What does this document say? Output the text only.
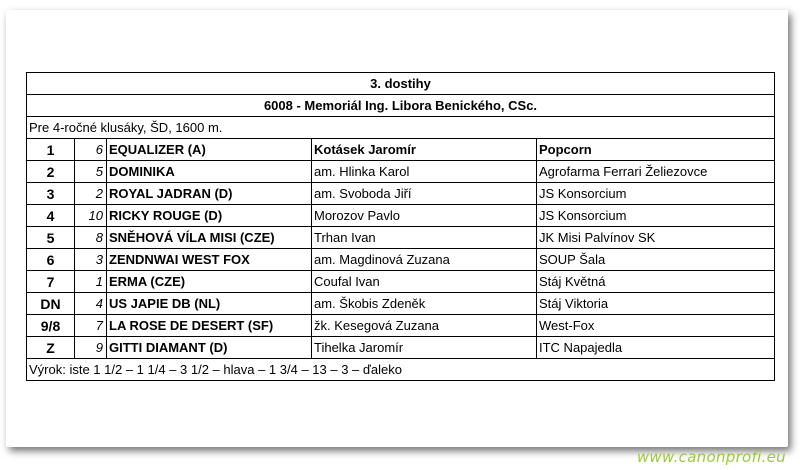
3. dostihy				
6008 - Memoriál Ing. Libora Benického, CSc.				
Pre 4-ročné klusáky, ŠD, 1600 m.				
1	6	EQUALIZER (A)	Kotásek Jaromír	Popcorn
2	5	DOMINIKA	am. Hlinka Karol	Agrofarma Ferrari Želiezovce
3	2	ROYAL JADRAN (D)	am. Svoboda Jiří	JS Konsorcium
4	10	RICKY ROUGE (D)	Morozov Pavlo	JS Konsorcium
5	8	SNĚHOVÁ VÍLA MISI (CZE)	Trhan Ivan	JK Misi Palvínov SK
6	3	ZENDNWAI WEST FOX	am. Magdinová Zuzana	SOUP Šala
7	1	ERMA (CZE)	Coufal Ivan	Stáj Květná
DN	4	US JAPIE DB (NL)	am. Škobis Zdeněk	Stáj Viktoria
9/8	7	LA ROSE DE DESERT (SF)	žk. Kesegová Zuzana	West-Fox
Z	9	GITTI DIAMANT (D)	Tihelka Jaromír	ITC Napajedla
Výrok: iste 1 1/2 – 1 1/4 – 3 1/2 – hlava – 1 3/4 – 13 – 3 – ďaleko				
www.canonprofi.eu
